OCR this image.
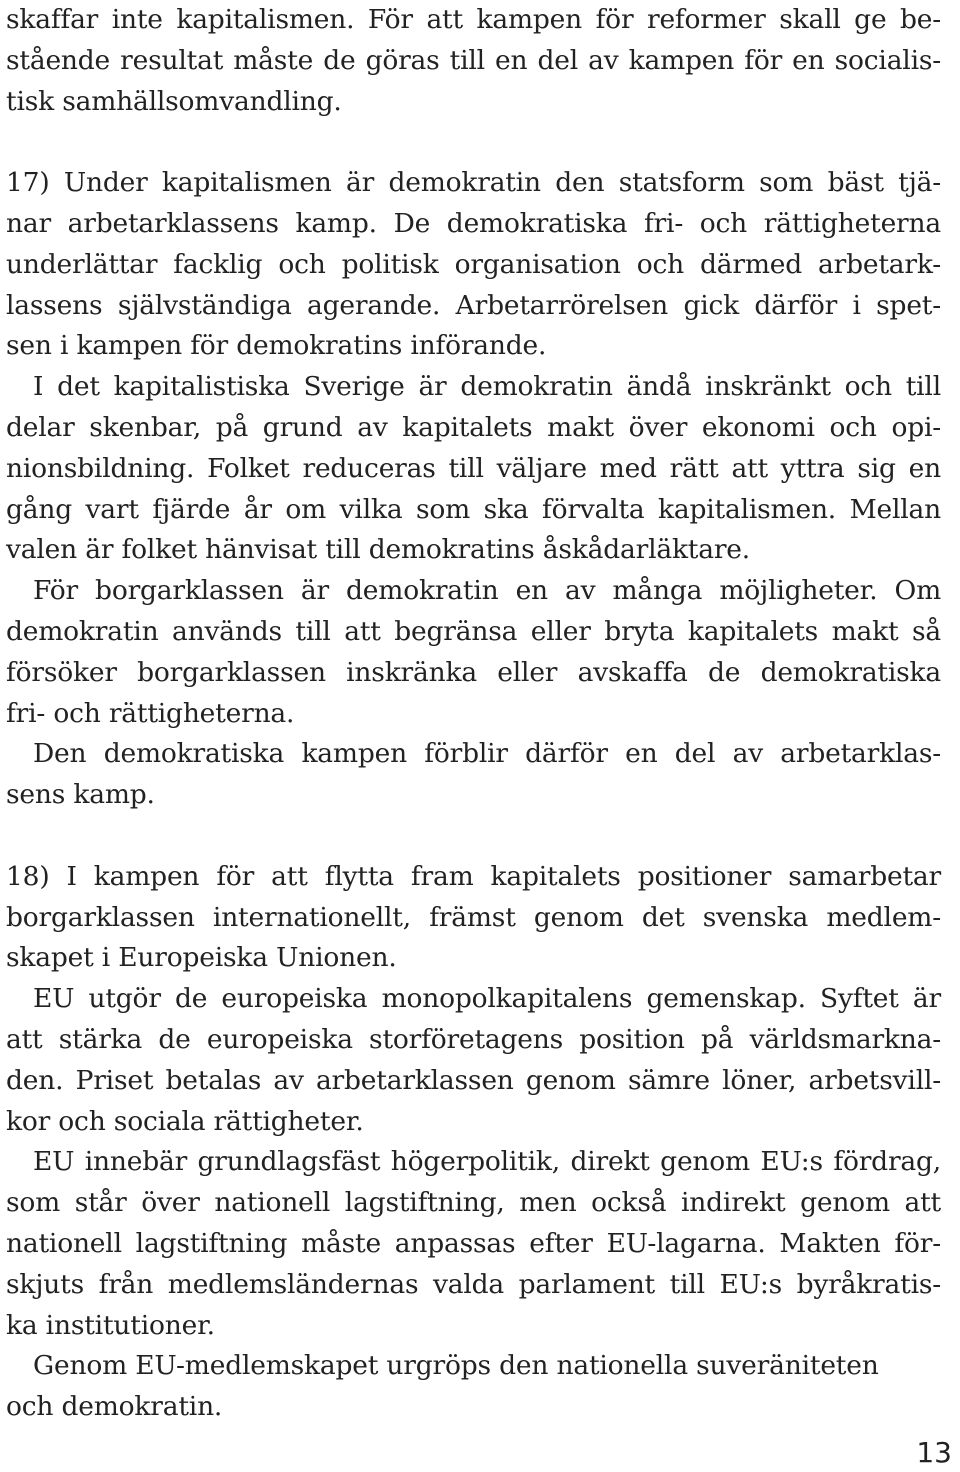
skaffar inte kapitalismen. För att kampen för reformer skall ge be-
stående resultat måste de göras till en del av kampen för en socialis-
tisk samhällsomvandling.
17) Under kapitalismen är demokratin den statsform som bäst tjä-
nar arbetarklassens kamp. De demokratiska fri- och rättigheterna
underlättar facklig och politisk organisation och därmed arbetark-
lassens självständiga agerande. Arbetarrörelsen gick därför i spet-
sen i kampen för demokratins införande.
I det kapitalistiska Sverige är demokratin ändå inskränkt och till
delar skenbar, på grund av kapitalets makt över ekonomi och opi-
nionsbildning. Folket reduceras till väljare med rätt att yttra sig en
gång vart fjärde år om vilka som ska förvalta kapitalismen. Mellan
valen är folket hänvisat till demokratins åskådarläktare.
För borgarklassen är demokratin en av många möjligheter. Om
demokratin används till att begränsa eller bryta kapitalets makt så
försöker borgarklassen inskränka eller avskaffa de demokratiska
fri- och rättigheterna.
Den demokratiska kampen förblir därför en del av arbetarklas-
sens kamp.
18) I kampen för att flytta fram kapitalets positioner samarbetar
borgarklassen internationellt, främst genom det svenska medlem-
skapet i Europeiska Unionen.
EU utgör de europeiska monopolkapitalens gemenskap. Syftet är
att stärka de europeiska storföretagens position på världsmarkna-
den. Priset betalas av arbetarklassen genom sämre löner, arbetsvill-
kor och sociala rättigheter.
EU innebär grundlagsfäst högerpolitik, direkt genom EU:s fördrag,
som står över nationell lagstiftning, men också indirekt genom att
nationell lagstiftning måste anpassas efter EU-lagarna. Makten för-
skjuts från medlemsländernas valda parlament till EU:s byråkratis-
ka institutioner.
Genom EU-medlemskapet urgröps den nationella suveräniteten
och demokratin.
13
